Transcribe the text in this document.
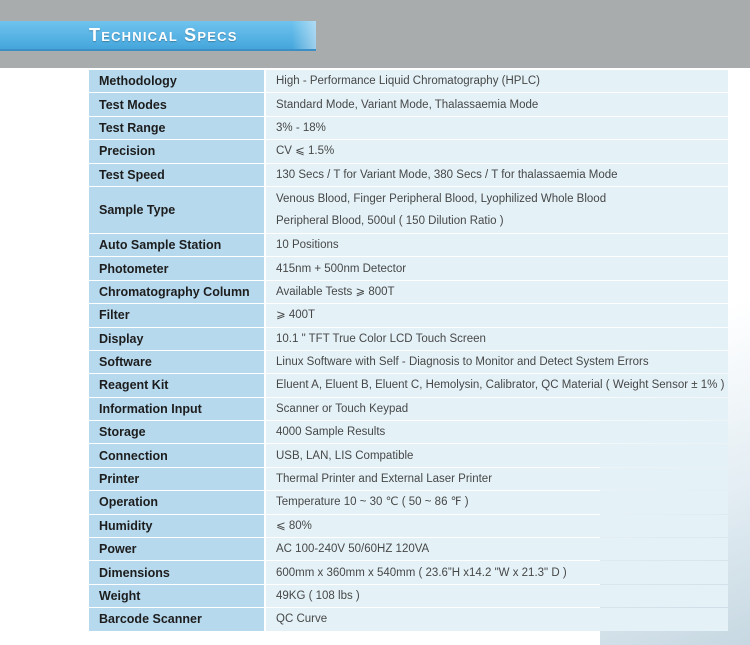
Technical Specs
Methodology	High - Performance Liquid Chromatography (HPLC)

Test Modes	Standard Mode, Variant Mode, Thalassaemia Mode

Test Range	3% - 18%

Precision	CV ⩽ 1.5%

Test Speed	130 Secs / T for Variant Mode, 380 Secs / T for thalassaemia Mode

Sample Type	Venous Blood, Finger Peripheral Blood, Lyophilized Whole Blood
Peripheral Blood, 500ul ( 150 Dilution Ratio )

Auto Sample Station	10 Positions

Photometer	415nm + 500nm Detector

Chromatography Column	Available Tests ⩾ 800T

Filter	⩾ 400T

Display	10.1 " TFT True Color LCD Touch Screen

Software	Linux Software with Self - Diagnosis to Monitor and Detect System Errors

Reagent Kit	Eluent A, Eluent B, Eluent C, Hemolysin, Calibrator, QC Material ( Weight Sensor ± 1% )

Information Input	Scanner or Touch Keypad

Storage	4000 Sample Results

Connection	USB, LAN, LIS Compatible

Printer	Thermal Printer and External Laser Printer

Operation	Temperature 10 ~ 30 ℃ ( 50 ~ 86 ℉ )

Humidity	⩽ 80%

Power	AC 100-240V 50/60HZ 120VA

Dimensions	600mm x 360mm x 540mm ( 23.6”H x14.2 "W x 21.3" D )

Weight	49KG ( 108 lbs )

Barcode Scanner	QC Curve
